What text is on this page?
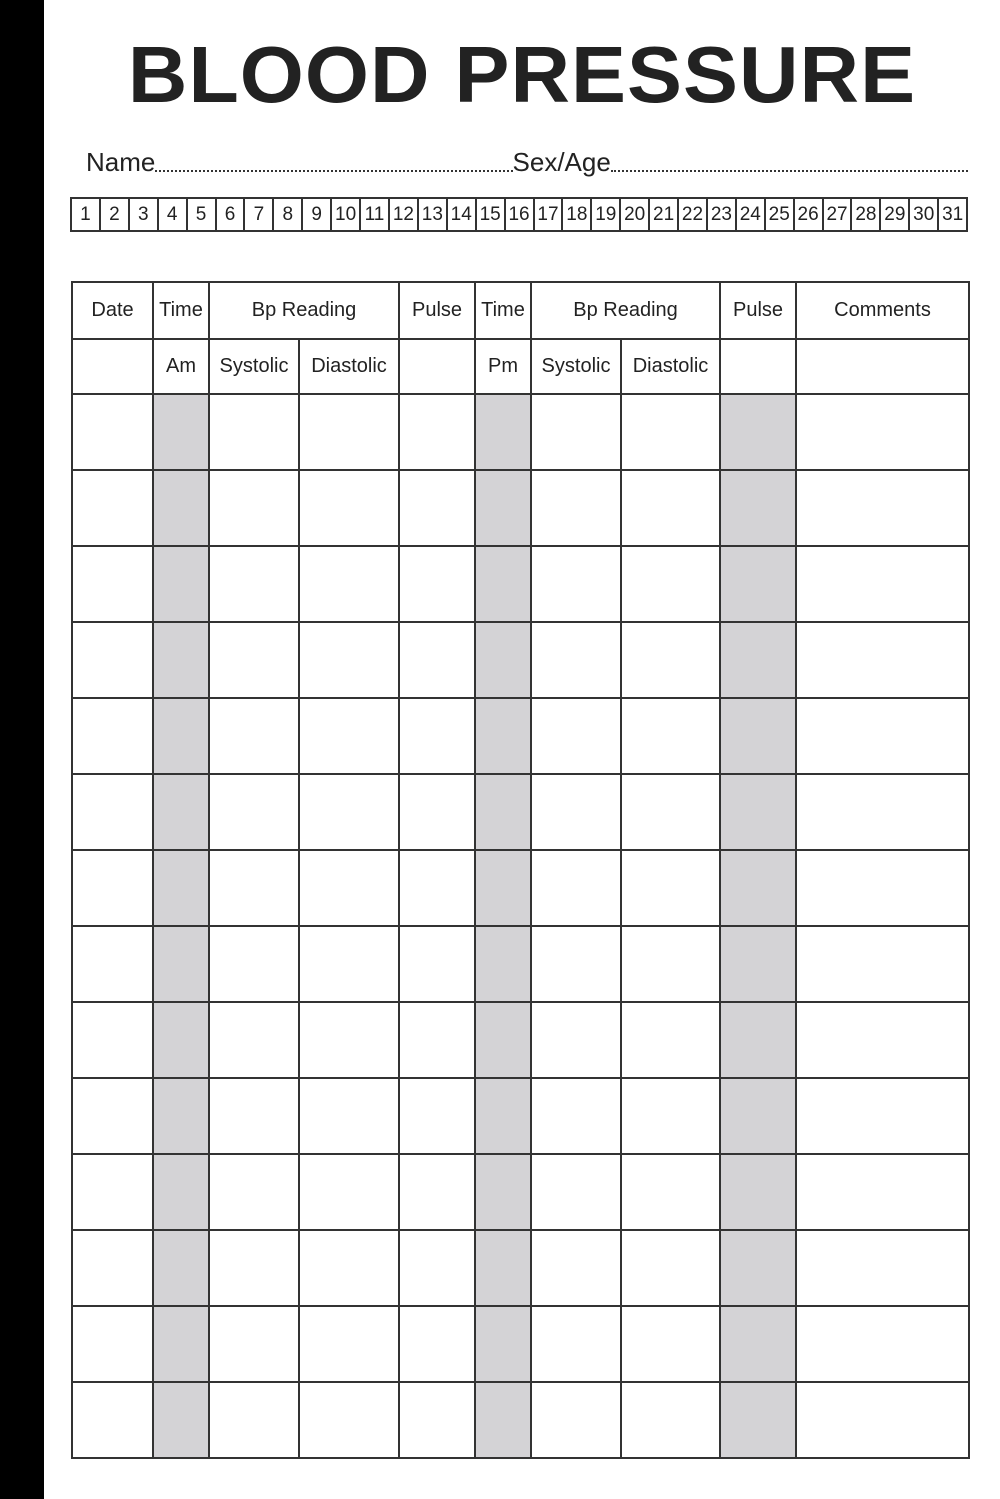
BLOOD PRESSURE
Name	Sex/Age
1 2 3 4 5 6 7 8 9 10 11 12 13 14 15 16 17 18 19 20 21 22 23 24 25 26 27 28 29 30 31
Date	Time	Bp Reading		Pulse	Time	Bp Reading		Pulse	Comments
	Am	Systolic	Diastolic		Pm	Systolic	Diastolic		
